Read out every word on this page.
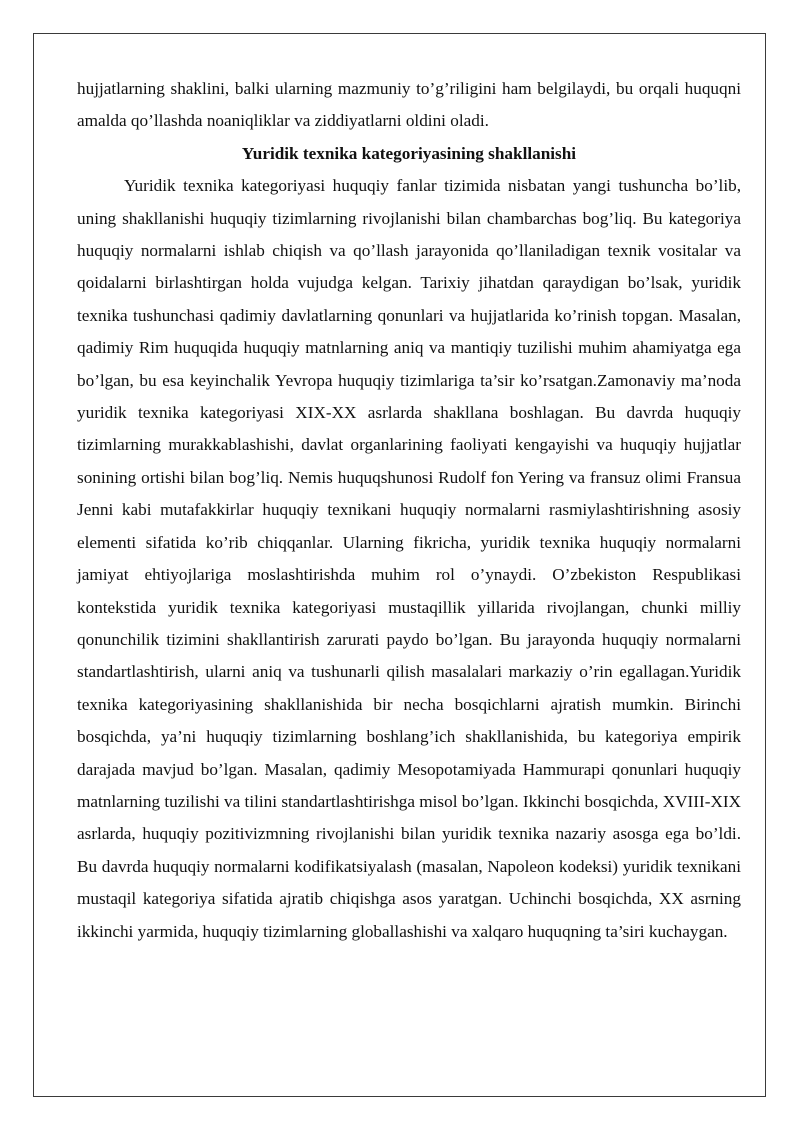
hujjatlarning shaklini, balki ularning mazmuniy to’g’riligini ham belgilaydi, bu orqali huquqni amalda qo’llashda noaniqliklar va ziddiyatlarni oldini oladi.

Yuridik texnika kategoriyasining shakllanishi

Yuridik texnika kategoriyasi huquqiy fanlar tizimida nisbatan yangi tushuncha bo’lib, uning shakllanishi huquqiy tizimlarning rivojlanishi bilan chambarchas bog’liq. Bu kategoriya huquqiy normalarni ishlab chiqish va qo’llash jarayonida qo’llaniladigan texnik vositalar va qoidalarni birlashtirgan holda vujudga kelgan. Tarixiy jihatdan qaraydigan bo’lsak, yuridik texnika tushunchasi qadimiy davlatlarning qonunlari va hujjatlarida ko’rinish topgan. Masalan, qadimiy Rim huquqida huquqiy matnlarning aniq va mantiqiy tuzilishi muhim ahamiyatga ega bo’lgan, bu esa keyinchalik Yevropa huquqiy tizimlariga ta’sir ko’rsatgan.Zamonaviy ma’noda yuridik texnika kategoriyasi XIX-XX asrlarda shakllana boshlagan. Bu davrda huquqiy tizimlarning murakkablashishi, davlat organlarining faoliyati kengayishi va huquqiy hujjatlar sonining ortishi bilan bog’liq. Nemis huquqshunosi Rudolf fon Yering va fransuz olimi Fransua Jenni kabi mutafakkirlar huquqiy texnikani huquqiy normalarni rasmiylashtirishning asosiy elementi sifatida ko’rib chiqqanlar. Ularning fikricha, yuridik texnika huquqiy normalarni jamiyat ehtiyojlariga moslashtirishda muhim rol o’ynaydi. O’zbekiston Respublikasi kontekstida yuridik texnika kategoriyasi mustaqillik yillarida rivojlangan, chunki milliy qonunchilik tizimini shakllantirish zarurati paydo bo’lgan. Bu jarayonda huquqiy normalarni standartlashtirish, ularni aniq va tushunarli qilish masalalari markaziy o’rin egallagan.Yuridik texnika kategoriyasining shakllanishida bir necha bosqichlarni ajratish mumkin. Birinchi bosqichda, ya’ni huquqiy tizimlarning boshlang’ich shakllanishida, bu kategoriya empirik darajada mavjud bo’lgan. Masalan, qadimiy Mesopotamiyada Hammurapi qonunlari huquqiy matnlarning tuzilishi va tilini standartlashtirishga misol bo’lgan. Ikkinchi bosqichda, XVIII-XIX asrlarda, huquqiy pozitivizmning rivojlanishi bilan yuridik texnika nazariy asosga ega bo’ldi. Bu davrda huquqiy normalarni kodifikatsiyalash (masalan, Napoleon kodeksi) yuridik texnikani mustaqil kategoriya sifatida ajratib chiqishga asos yaratgan. Uchinchi bosqichda, XX asrning ikkinchi yarmida, huquqiy tizimlarning globallashishi va xalqaro huquqning ta’siri kuchaygan.
